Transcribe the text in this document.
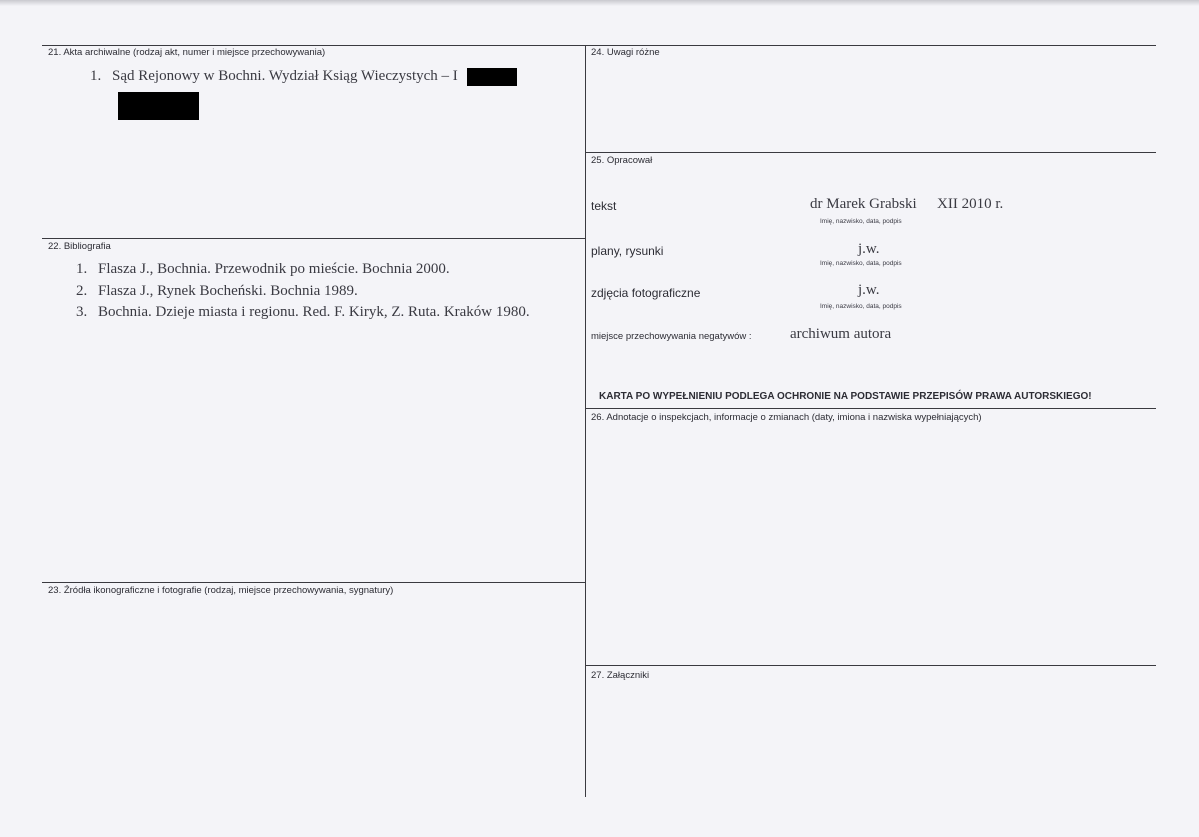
21. Akta archiwalne (rodzaj akt, numer i miejsce przechowywania)
1. Sąd Rejonowy w Bochni. Wydział Ksiąg Wieczystych – I
22. Bibliografia
1. Flasza J., Bochnia. Przewodnik po mieście. Bochnia 2000.
2. Flasza J., Rynek Bocheński. Bochnia 1989.
3. Bochnia. Dzieje miasta i regionu. Red. F. Kiryk, Z. Ruta. Kraków 1980.
23. Źródła ikonograficzne i fotografie (rodzaj, miejsce przechowywania, sygnatury)
24. Uwagi różne
25. Opracował
tekst	dr Marek Grabski XII 2010 r.
Imię, nazwisko, data, podpis
plany, rysunki	j.w.
Imię, nazwisko, data, podpis
zdjęcia fotograficzne	j.w.
Imię, nazwisko, data, podpis
miejsce przechowywania negatywów :	archiwum autora
KARTA PO WYPEŁNIENIU PODLEGA OCHRONIE NA PODSTAWIE PRZEPISÓW PRAWA AUTORSKIEGO!
26. Adnotacje o inspekcjach, informacje o zmianach (daty, imiona i nazwiska wypełniających)
27. Załączniki
